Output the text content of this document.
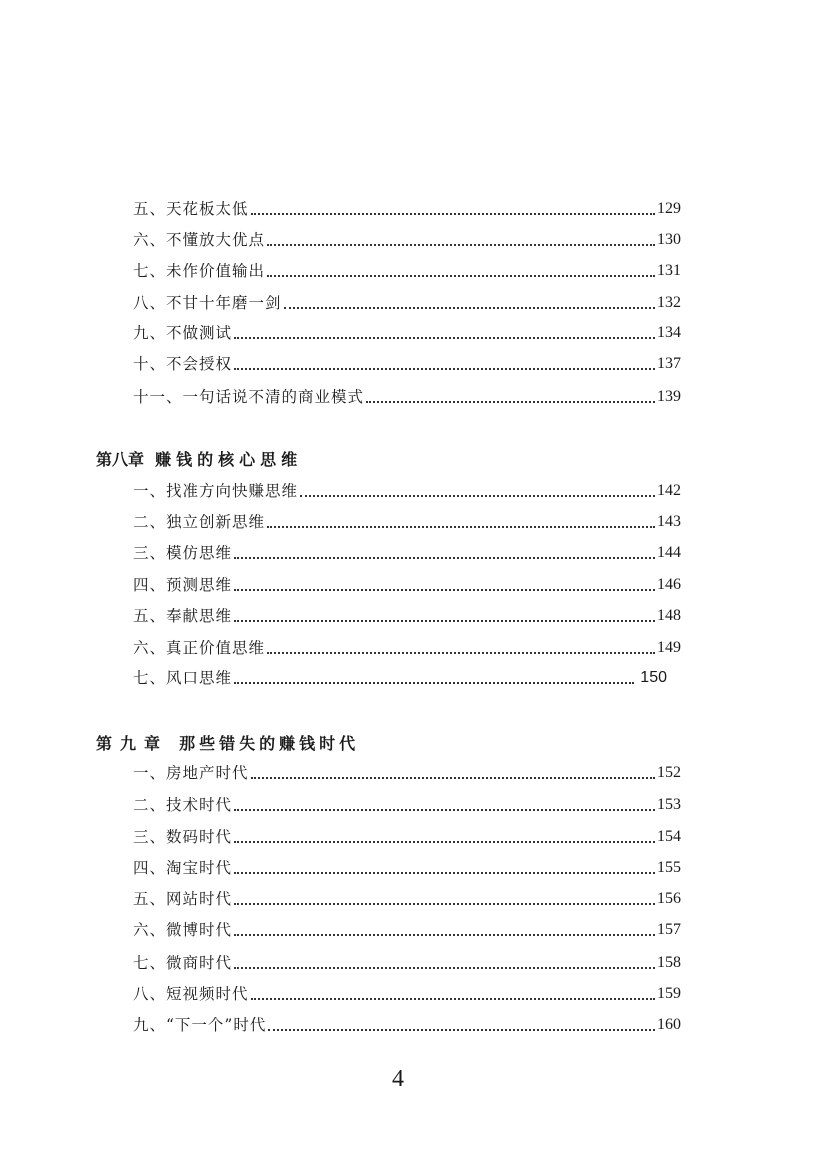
五、天花板太低	129
六、不懂放大优点	130
七、未作价值输出	131
八、不甘十年磨一剑	132
九、不做测试	134
十、不会授权	137
十一、一句话说不清的商业模式	139
第八章 赚钱的核心思维
一、找准方向快赚思维	142
二、独立创新思维	143
三、模仿思维	144
四、预测思维	146
五、奉献思维	148
六、真正价值思维	149
七、风口思维	150
第九章 那些错失的赚钱时代
一、房地产时代	152
二、技术时代	153
三、数码时代	154
四、淘宝时代	155
五、网站时代	156
六、微博时代	157
七、微商时代	158
八、短视频时代	159
九、“下一个”时代	160
4
